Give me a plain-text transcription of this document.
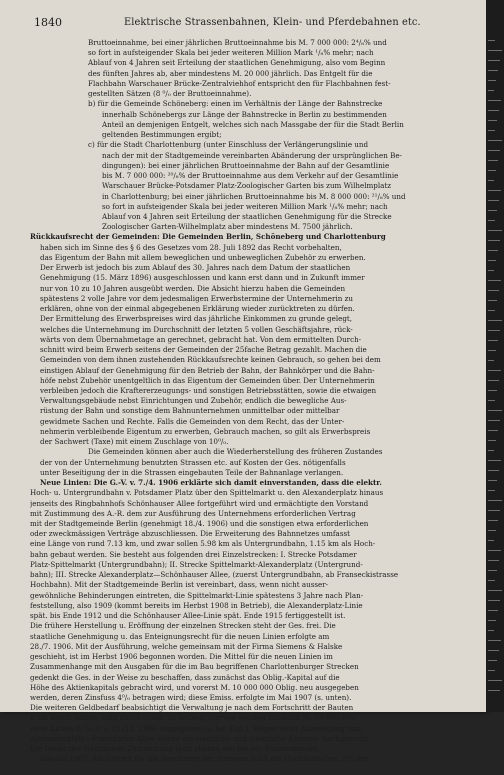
1840	Elektrische Strassenbahnen, Klein- und Pferdebahnen etc.
Bruttoeinnahme, bei einer jährlichen Bruttoeinnahme bis M. 7 000 000: 2⁴/₈% und
so fort in aufsteigender Skala bei jeder weiteren Million Mark ¹/₈% mehr; nach
Ablauf von 4 Jahren seit Erteilung der staatlichen Genehmigung, also vom Beginn
des fünften Jahres ab, aber mindestens M. 20 000 jährlich. Das Entgelt für die
Flachbahn Warschauer Brücke-Zentralviehhof entspricht den für Flachbahnen fest-
gestellten Sätzen (8 ⁰/₀ der Bruttoeinnahme).
b) für die Gemeinde Schöneberg: einen im Verhältnis der Länge der Bahnstrecke
innerhalb Schönebergs zur Länge der Bahnstrecke in Berlin zu bestimmenden
Anteil an demjenigen Entgelt, welches sich nach Massgabe der für die Stadt Berlin
geltenden Bestimmungen ergibt;
c) für die Stadt Charlottenburg (unter Einschluss der Verlängerungslinie und
nach der mit der Stadtgemeinde vereinbarten Abänderung der ursprünglichen Be-
dingungen): bei einer jährlichen Bruttoeinnahme der Bahn auf der Gesamtlinie
bis M. 7 000 000: ²⁰/₈% der Bruttoeinnahme aus dem Verkehr auf der Gesamtlinie
Warschauer Brücke-Potsdamer Platz-Zoologischer Garten bis zum Wilhelmplatz
in Charlottenburg; bei einer jährlichen Bruttoeinnahme bis M. 8 000 000: ²¹/₈% und
so fort in aufsteigender Skala bei jeder weiteren Million Mark ¹/₈% mehr; nach
Ablauf von 4 Jahren seit Erteilung der staatlichen Genehmigung für die Strecke
Zoologischer Garten-Wilhelmplatz aber mindestens M. 7500 jährlich.
Rückkaufsrecht der Gemeinden: Die Gemeinden Berlin, Schöneberg und Charlottenburg
haben sich im Sinne des § 6 des Gesetzes vom 28. Juli 1892 das Recht vorbehalten,
das Eigentum der Bahn mit allem beweglichen und unbeweglichen Zubehör zu erwerben.
Der Erwerb ist jedoch bis zum Ablauf des 30. Jahres nach dem Datum der staatlichen
Genehmigung (15. März 1896) ausgeschlossen und kann erst dann und in Zukunft immer
nur von 10 zu 10 Jahren ausgeübt werden. Die Absicht hierzu haben die Gemeinden
spätestens 2 volle Jahre vor dem jedesmaligen Erwerbstermine der Unternehmerin zu
erklären, ohne von der einmal abgegebenen Erklärung wieder zurücktreten zu dürfen.
Der Ermittelung des Erwerbspreises wird das jährliche Einkommen zu grunde gelegt,
welches die Unternehmung im Durchschnitt der letzten 5 vollen Geschäftsjahre, rück-
wärts von dem Übernahmetage an gerechnet, gebracht hat. Von dem ermittelten Durch-
schnitt wird beim Erwerb seitens der Gemeinden der 25fache Betrag gezahlt. Machen die
Gemeinden von dem ihnen zustehenden Rückkaufsrechte keinen Gebrauch, so gehen bei dem
einstigen Ablauf der Genehmigung für den Betrieb der Bahn, der Bahnkörper und die Bahn-
höfe nebst Zubehör unentgeltlich in das Eigentum der Gemeinden über. Der Unternehmerin
verbleiben jedoch die Kraftererzeugungs- und sonstigen Betriebsstätten, sowie die etwaigen
Verwaltungsgebäude nebst Einrichtungen und Zubehör, endlich die bewegliche Aus-
rüstung der Bahn und sonstige dem Bahnunternehmen unmittelbar oder mittelbar
gewidmete Sachen und Rechte. Falls die Gemeinden von dem Recht, das der Unter-
nehmerin verbleibende Eigentum zu erwerben, Gebrauch machen, so gilt als Erwerbspreis
der Sachwert (Taxe) mit einem Zuschlage von 10⁰/₀.
Die Gemeinden können aber auch die Wiederherstellung des früheren Zustandes
der von der Unternehmung benutzten Strassen etc. auf Kosten der Ges. nötigenfalls
unter Beseitigung der in die Strassen eingebauten Teile der Bahnanlage verlangen.
Neue Linien: Die G.-V. v. 7./4. 1906 erklärte sich damit einverstanden, dass die elektr.
Hoch- u. Untergrundbahn v. Potsdamer Platz über den Spittelmarkt u. den Alexanderplatz hinaus
jenseits des Ringbahnhofs Schönhauser Allee fortgeführt wird und ermächtigte den Vorstand
mit Zustimmung des A.-R. dem zur Ausführung des Unternehmens erforderlichen Vertrag
mit der Stadtgemeinde Berlin (genehmigt 18./4. 1906) und die sonstigen etwa erforderlichen
oder zweckmässigen Verträge abzuschliessen. Die Erweiterung des Bahnnetzes umfasst
eine Länge von rund 7.13 km, und zwar sollen 5.98 km als Untergrundbahn, 1.15 km als Hoch-
bahn gebaut werden. Sie besteht aus folgenden drei Einzelstrecken: I. Strecke Potsdamer
Platz-Spittelmarkt (Untergrundbahn); II. Strecke Spittelmarkt-Alexanderplatz (Untergrund-
bahn); III. Strecke Alexanderplatz—Schönhauser Allee, (zuerst Untergrundbahn, ab Franseckistrasse
Hochbahn). Mit der Stadtgemeinde Berlin ist vereinbart, dass, wenn nicht ausser-
gewöhnliche Behinderungen eintreten, die Spittelmarkt-Linie spätestens 3 Jahre nach Plan-
feststellung, also 1909 (kommt bereits im Herbst 1908 in Betrieb), die Alexanderplatz-Linie
spät. bis Ende 1912 und die Schönhauser Allee-Linie spät. Ende 1915 fertiggestellt ist.
Die frühere Herstellung u. Eröffnung der einzelnen Strecken steht der Ges. frei. Die
staatliche Genehmigung u. das Enteignungsrecht für die neuen Linien erfolgte am
28./7. 1906. Mit der Ausführung, welche gemeinsam mit der Firma Siemens & Halske
geschieht, ist im Herbst 1906 begonnen worden. Die Mittel für die neuen Linien im
Zusammenhange mit den Ausgaben für die im Bau begriffenen Charlottenburger Strecken
gedenkt die Ges. in der Weise zu beschaffen, dass zunächst das Oblig.-Kapital auf die
Höhe des Aktienkapitals gebracht wird, und vorerst M. 10 000 000 Oblig. neu ausgegeben
werden, deren Zinsfuss 4⁰/₀ betragen wird; diese Emiss. erfolgte im Mai 1907 (s. unten).
Die weiteren Geldbedarf beabsichtigt die Verwaltung je nach dem Fortschritt der Bauten
h alb durch Aktien, halb durch Oblig. zu decken; hiervon wurden zunächst M. 10 000 000
neue Aktien lt. G.-V. v. 13./12. 1906 ausgegeben (s. bei Kap.). Wegen einer Abzweigung vom
Alexanderplatz—Frankfurter Allee wurde die staatliche und städtische Konzess. nachgesucht.
Die Dauer der städtischen Zustimmung läuft ebenso wie bei der Stammstrecke,
also bis 1987. Als Entgelt für die Benutzung der Strassen zahlt die Hochbahn-Ges. 2⁰/₀ der
